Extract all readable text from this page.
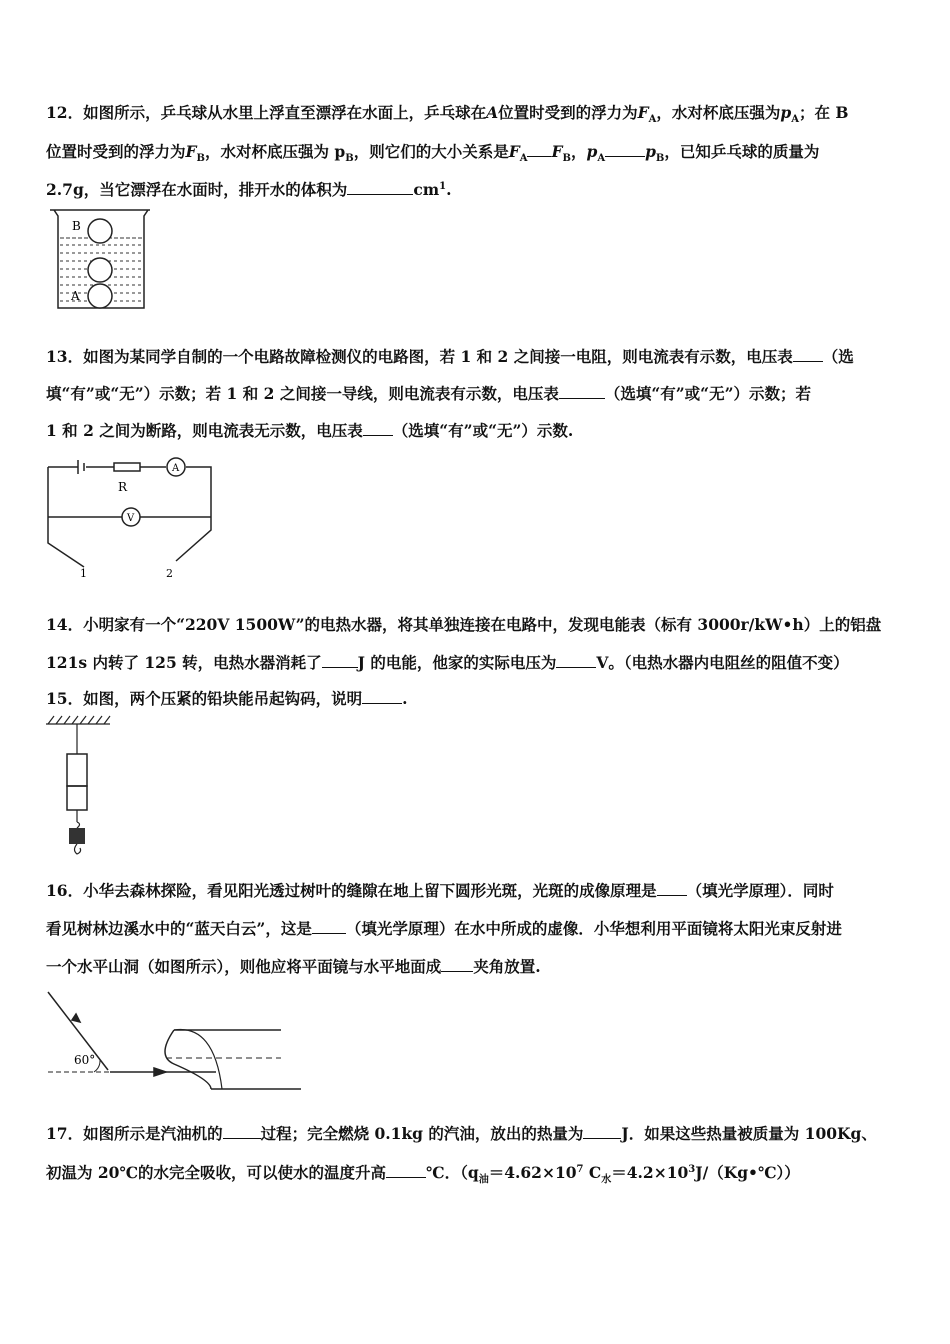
12．如图所示，乒乓球从水里上浮直至漂浮在水面上，乒乓球在A位置时受到的浮力为$F_A$，水对杯底压强为$p_A$；在 B
位置时受到的浮力为$F_B$，水对杯底压强为 $p_B$，则它们的大小关系是$F_A$ $F_B$，$p_A$	$p_B$，已知乒乓球的质量为
2.7g，当它漂浮在水面时，排开水的体积为	$cm^1$.
B
A
13．如图为某同学自制的一个电路故障检测仪的电路图，若 1 和 2 之间接一电阻，则电流表有示数，电压表 （选
填“有”或“无”）示数；若 1 和 2 之间接一导线，则电流表有示数，电压表	（选填“有”或“无”）示数；若
1 和 2 之间为断路，则电流表无示数，电压表 （选填“有”或“无”）示数.
R
A
V
1	2
14．小明家有一个“220V 1500W”的电热水器，将其单独连接在电路中，发现电能表（标有 3000r/kW•h）上的铝盘
121s 内转了 125 转，电热水器消耗了 J 的电能，他家的实际电压为	V。（电热水器内电阻丝的阻值不变）
15．如图，两个压紧的铅块能吊起钩码，说明	.
16．小华去森林探险，看见阳光透过树叶的缝隙在地上留下圆形光斑，光斑的成像原理是 （填光学原理）．同时
看见树林边溪水中的“蓝天白云”，这是 （填光学原理）在水中所成的虚像．小华想利用平面镜将太阳光束反射进
一个水平山洞（如图所示），则他应将平面镜与水平地面成 夹角放置.
60°
17．如图所示是汽油机的 过程；完全燃烧 0.1kg 的汽油，放出的热量为 J．如果这些热量被质量为 100Kg、
初温为 20℃的水完全吸收，可以使水的温度升高	℃．（$q_油=4.62\times 10^7$ $C_水=4.2\times 10^3J/(Kg•℃)$）
